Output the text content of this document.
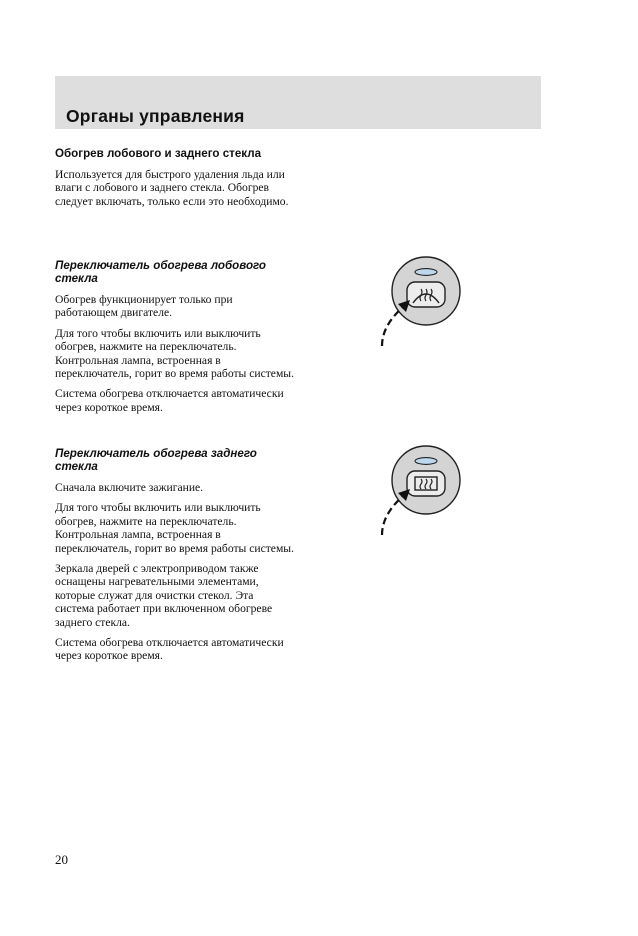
Органы управления

Обогрев лобового и заднего стекла

Используется для быстрого удаления льда или влаги с лобового и заднего стекла. Обогрев следует включать, только если это необходимо.

Переключатель обогрева лобового стекла

Обогрев функционирует только при работающем двигателе.

Для того чтобы включить или выключить обогрев, нажмите на переключатель. Контрольная лампа, встроенная в переключатель, горит во время работы системы.

Система обогрева отключается автоматически через короткое время.

Переключатель обогрева заднего стекла

Сначала включите зажигание.

Для того чтобы включить или выключить обогрев, нажмите на переключатель. Контрольная лампа, встроенная в переключатель, горит во время работы системы.

Зеркала дверей с электроприводом также оснащены нагревательными элементами, которые служат для очистки стекол. Эта система работает при включенном обогреве заднего стекла.

Система обогрева отключается автоматически через короткое время.

20
